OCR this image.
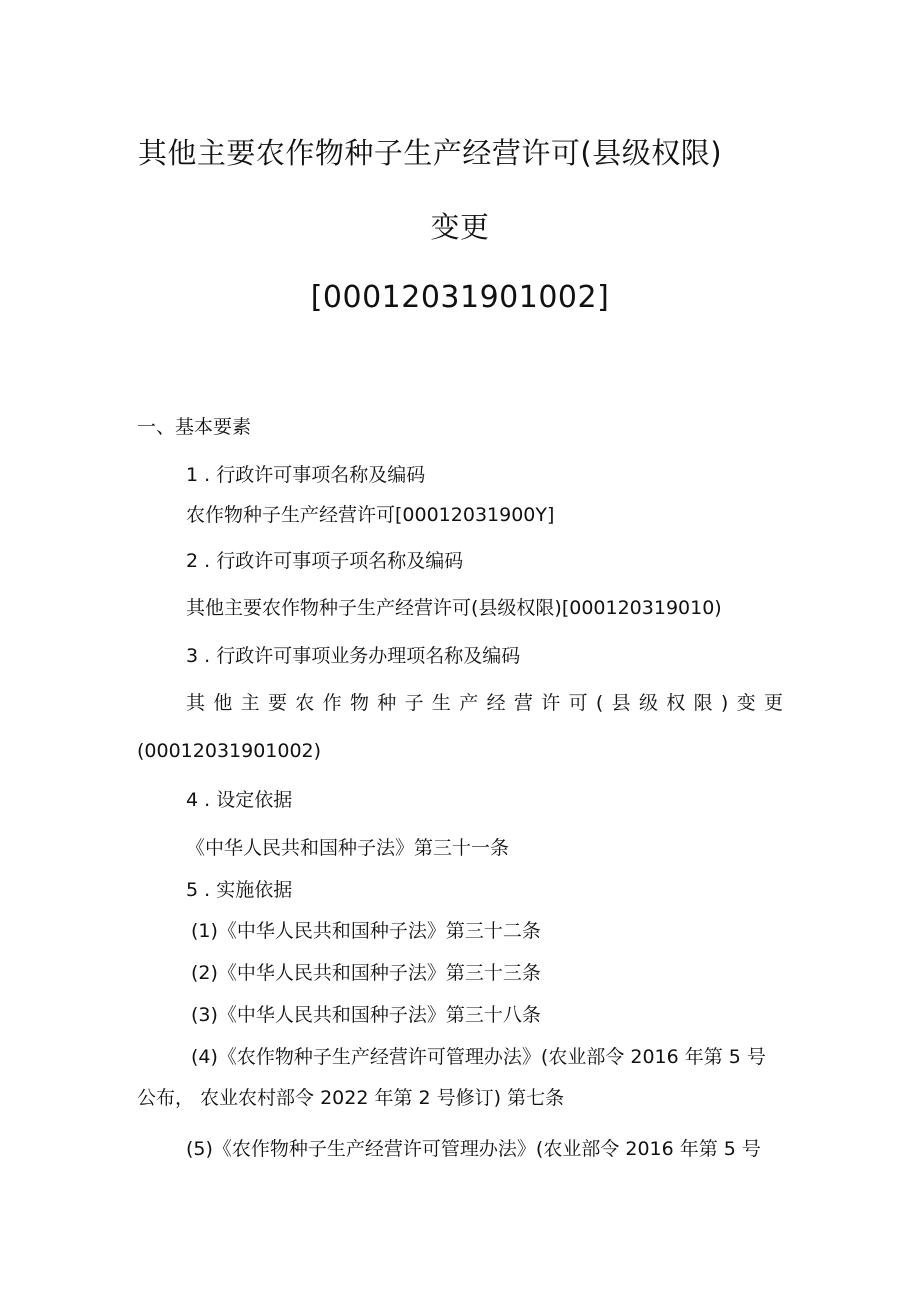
其他主要农作物种子生产经营许可(县级权限)
变更
[00012031901002]
一、基本要素
1 . 行政许可事项名称及编码
农作物种子生产经营许可[00012031900Y]
2 . 行政许可事项子项名称及编码
其他主要农作物种子生产经营许可(县级权限)[000120319010)
3 . 行政许可事项业务办理项名称及编码
其他主要农作物种子生产经营许可(县级权限)变更
(00012031901002)
4 . 设定依据
《中华人民共和国种子法》第三十一条
5 . 实施依据
(1)《中华人民共和国种子法》第三十二条
(2)《中华人民共和国种子法》第三十三条
(3)《中华人民共和国种子法》第三十八条
(4)《农作物种子生产经营许可管理办法》(农业部令 2016 年第 5 号
公布， 农业农村部令 2022 年第 2 号修订) 第七条
(5)《农作物种子生产经营许可管理办法》(农业部令 2016 年第 5 号
